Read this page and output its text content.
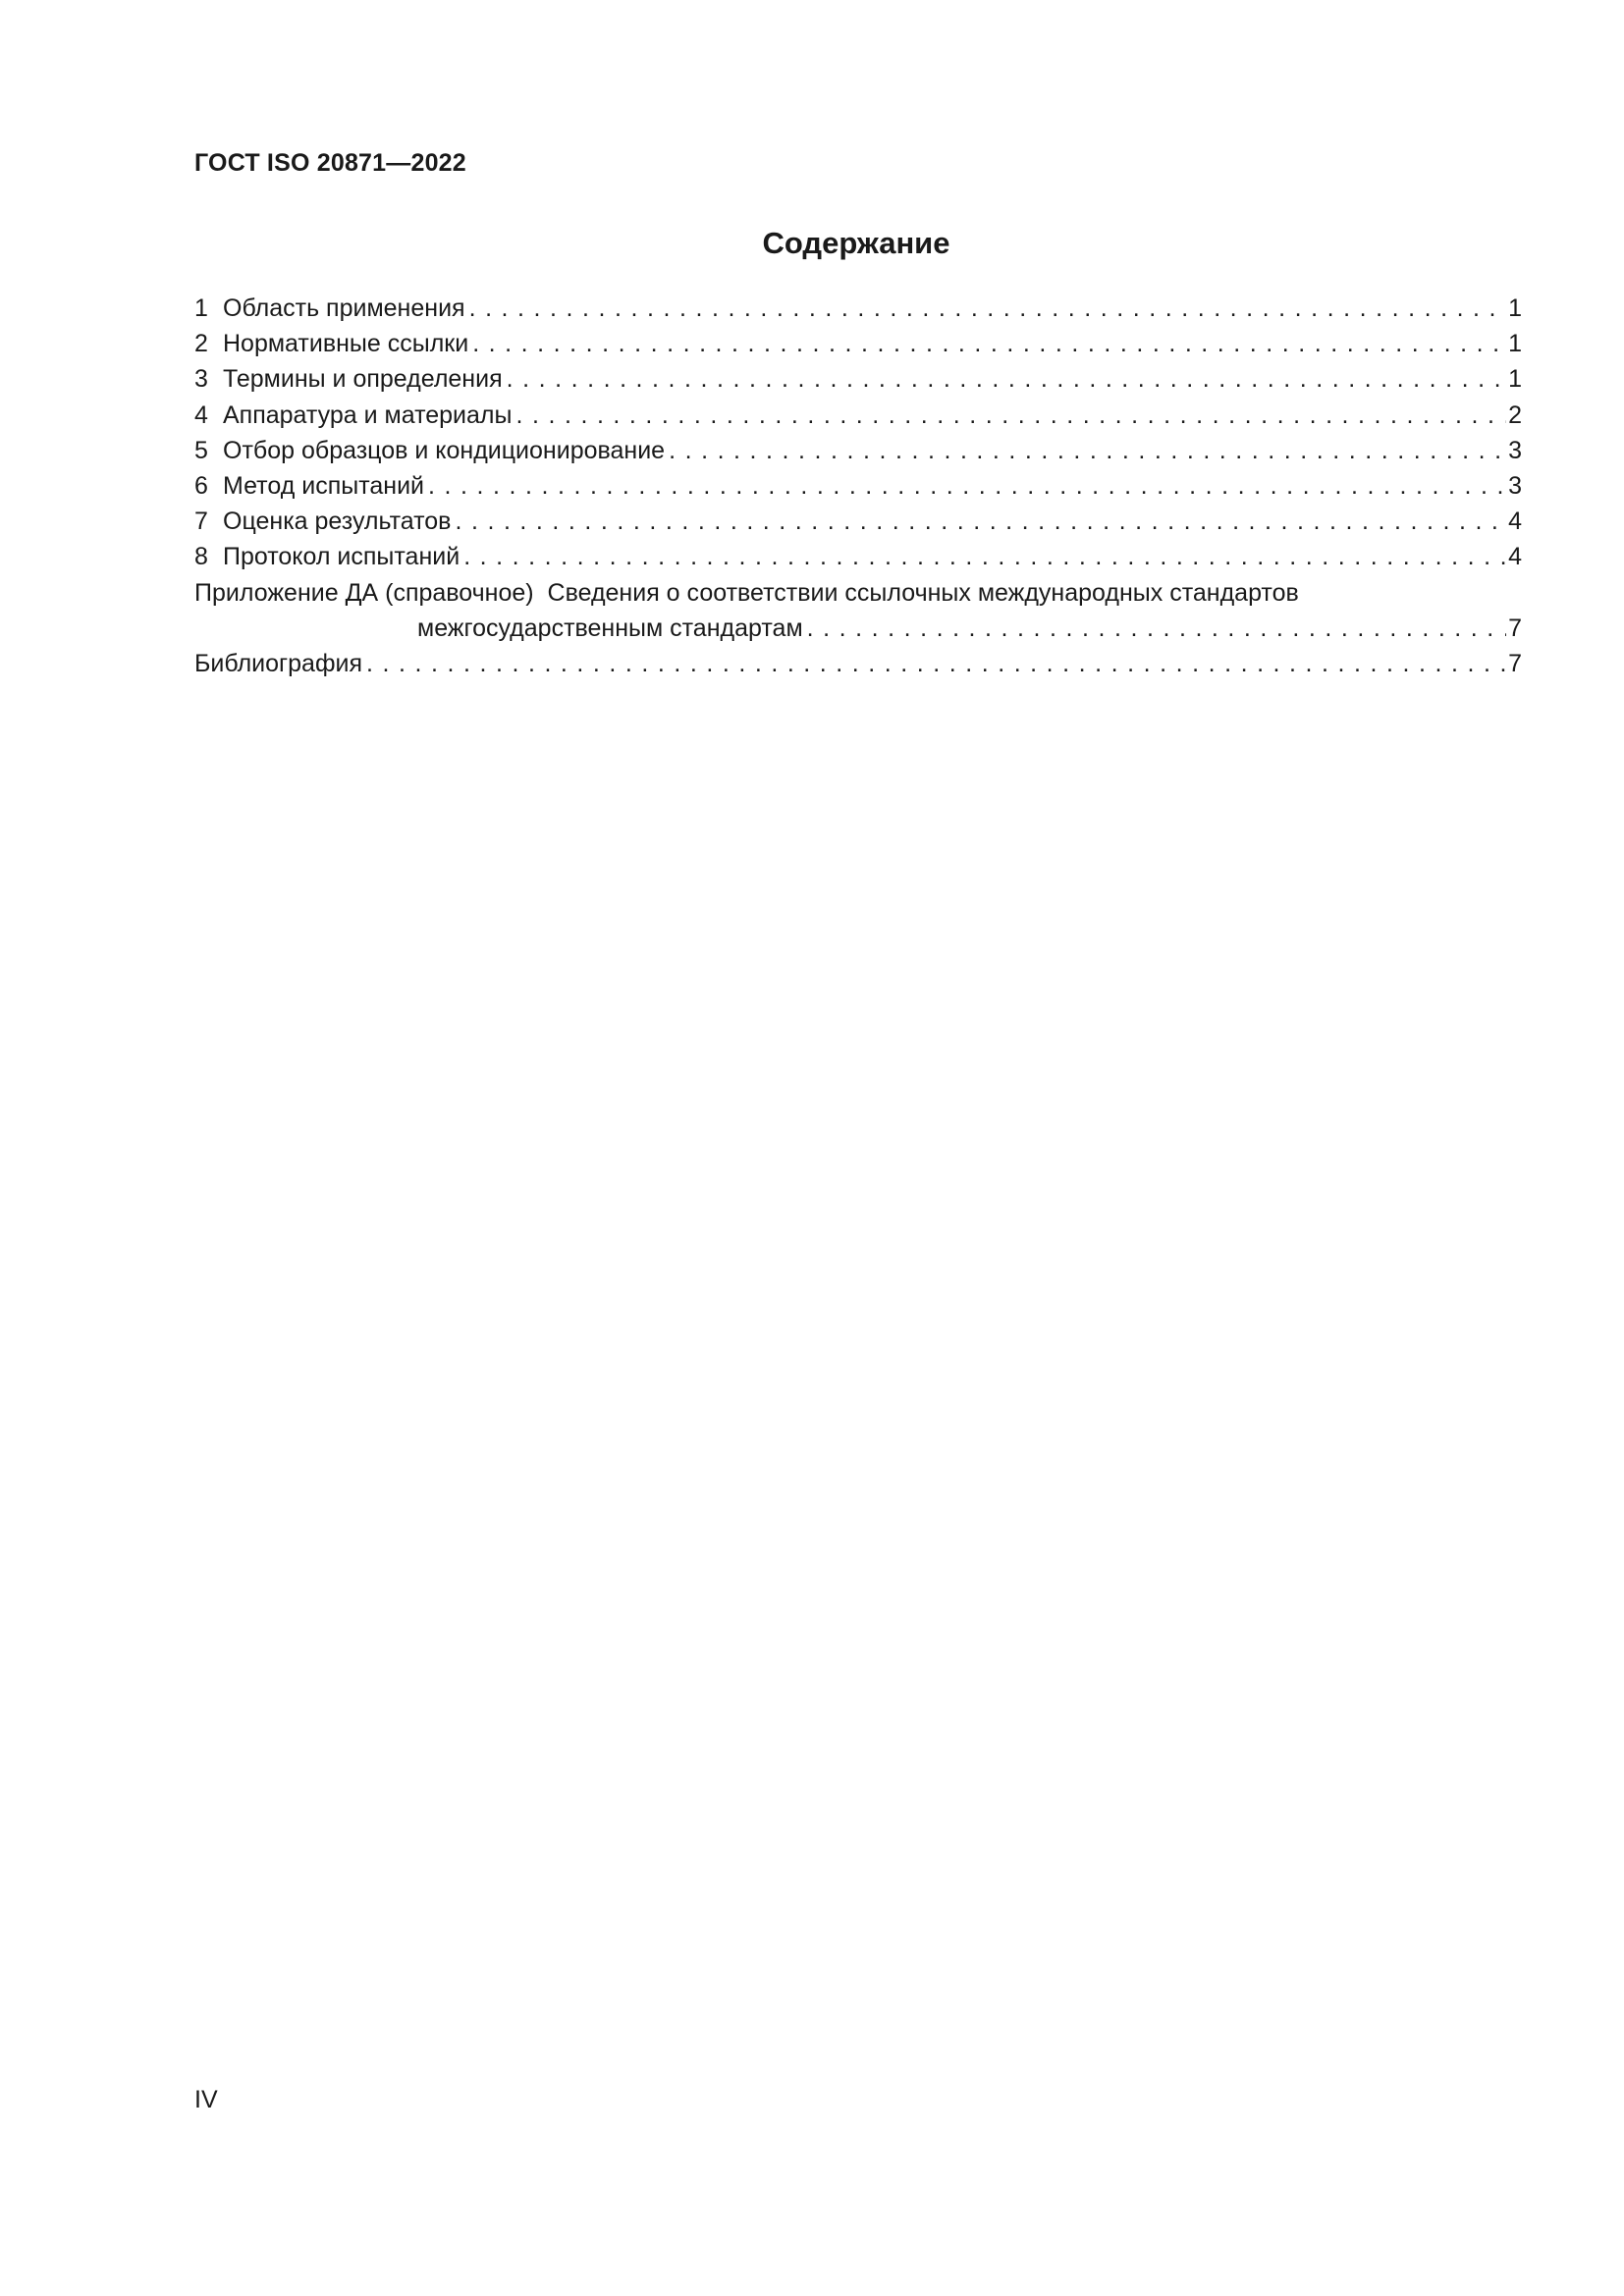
ГОСТ ISO 20871—2022
Содержание
1 Область применения . . .	1
2 Нормативные ссылки . . .	1
3 Термины и определения . . .	1
4 Аппаратура и материалы . . .	2
5 Отбор образцов и кондиционирование . . .	3
6 Метод испытаний . . .	3
7 Оценка результатов . . .	4
8 Протокол испытаний . . .	4
Приложение ДА (справочное) Сведения о соответствии ссылочных международных стандартов
межгосударственным стандартам . . .	7
Библиография . . .	7
IV
